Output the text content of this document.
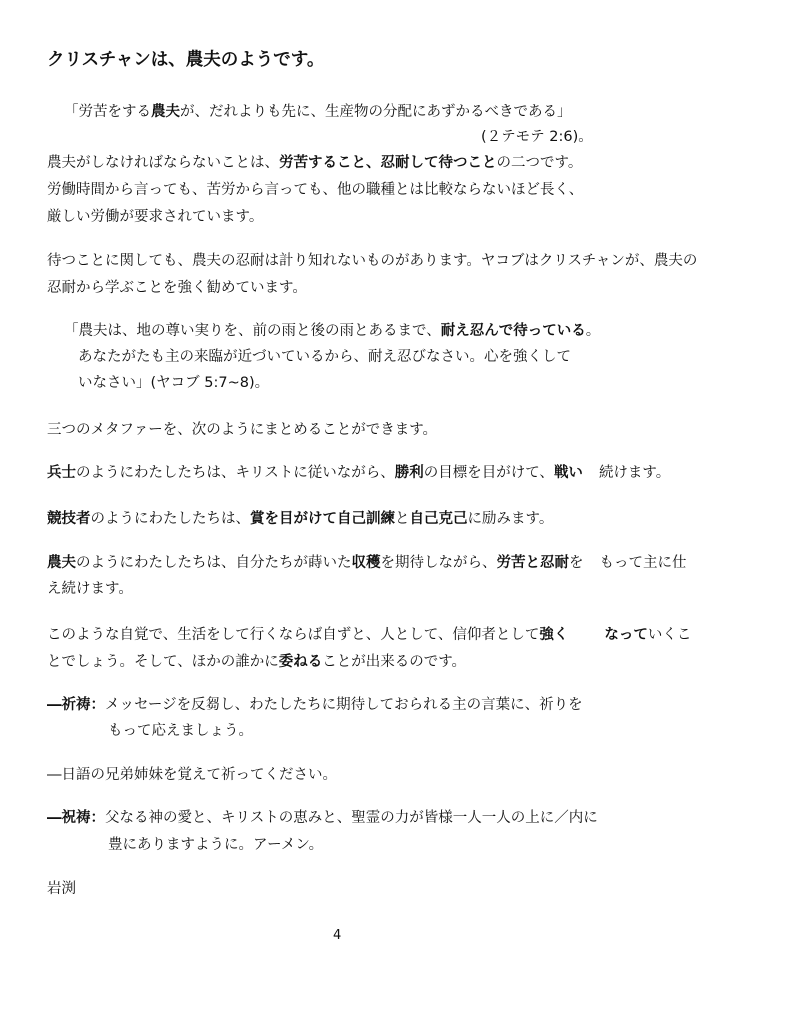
クリスチャンは、農夫のようです。
「労苦をする農夫が、だれよりも先に、生産物の分配にあずかるべきである」
(２テモテ 2:6)。
農夫がしなければならないことは、労苦すること、忍耐して待つことの二つです。
労働時間から言っても、苦労から言っても、他の職種とは比較ならないほど長く、
厳しい労働が要求されています。
待つことに関しても、農夫の忍耐は計り知れないものがあります。ヤコブはクリスチャンが、農夫の
忍耐から学ぶことを強く勧めています。
「農夫は、地の尊い実りを、前の雨と後の雨とあるまで、耐え忍んで待っている。
あなたがたも主の来臨が近づいているから、耐え忍びなさい。心を強くして
いなさい」(ヤコブ 5:7~8)。
三つのメタファーを、次のようにまとめることができます。
兵士のようにわたしたちは、キリストに従いながら、勝利の目標を目がけて、戦い 続けます。
競技者のようにわたしたちは、賞を目がけて自己訓練と自己克己に励みます。
農夫のようにわたしたちは、自分たちが蒔いた収穫を期待しながら、労苦と忍耐を もって主に仕
え続けます。
このような自覚で、生活をして行くならば自ずと、人として、信仰者として強く なっていくこ
とでしょう。そして、ほかの誰かに委ねることが出来るのです。
―祈祷：メッセージを反芻し、わたしたちに期待しておられる主の言葉に、祈りを
もって応えましょう。
―日語の兄弟姉妹を覚えて祈ってください。
―祝祷：父なる神の愛と、キリストの恵みと、聖霊の力が皆様一人一人の上に／内に
豊にありますように。アーメン。
岩渕
4
